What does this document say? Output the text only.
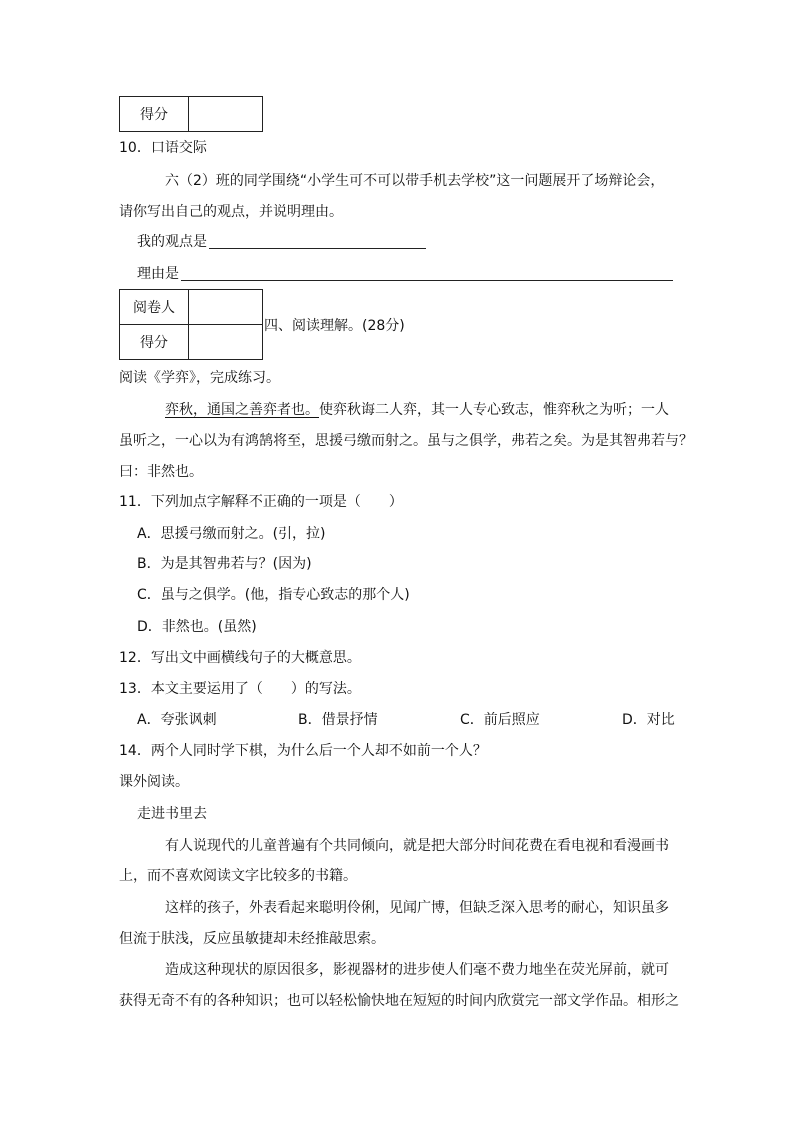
得分	
10．口语交际
六（2）班的同学围绕“小学生可不可以带手机去学校”这一问题展开了场辩论会，
请你写出自己的观点，并说明理由。
我的观点是
理由是
阅卷人	
得分	
四、阅读理解。(28分)
阅读《学弈》，完成练习。
弈秋，通国之善弈者也。使弈秋诲二人弈，其一人专心致志，惟弈秋之为听；一人
虽听之，一心以为有鸿鹄将至，思援弓缴而射之。虽与之俱学，弗若之矣。为是其智弗若与？
曰：非然也。
11．下列加点字解释不正确的一项是（　　）
A．思援弓缴而射之。(引，拉)
B．为是其智弗若与？(因为)
C．虽与之俱学。(他，指专心致志的那个人)
D．非然也。(虽然)
12．写出文中画横线句子的大概意思。
13．本文主要运用了（　　）的写法。
A．夸张讽刺	B．借景抒情	C．前后照应	D．对比
14．两个人同时学下棋，为什么后一个人却不如前一个人？
课外阅读。
走进书里去
有人说现代的儿童普遍有个共同倾向，就是把大部分时间花费在看电视和看漫画书
上，而不喜欢阅读文字比较多的书籍。
这样的孩子，外表看起来聪明伶俐，见闻广博，但缺乏深入思考的耐心，知识虽多
但流于肤浅，反应虽敏捷却未经推敲思索。
造成这种现状的原因很多，影视器材的进步使人们毫不费力地坐在荧光屏前，就可
获得无奇不有的各种知识；也可以轻松愉快地在短短的时间内欣赏完一部文学作品。相形之
